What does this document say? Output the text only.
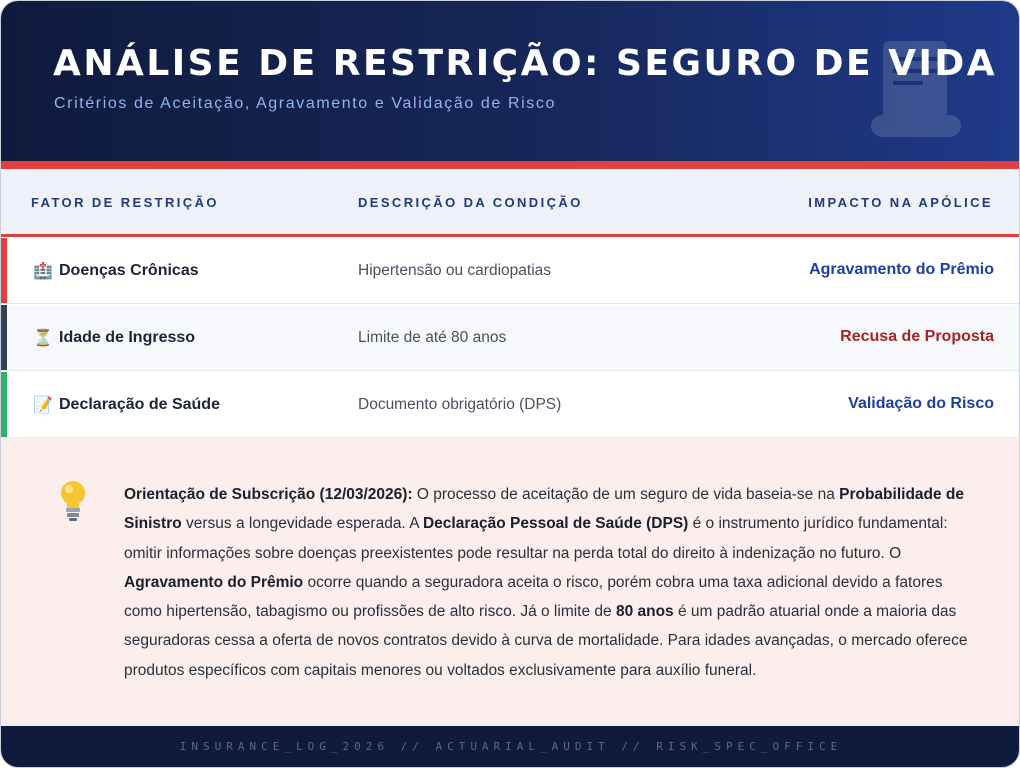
ANÁLISE DE RESTRIÇÃO: SEGURO DE VIDA
Critérios de Aceitação, Agravamento e Validação de Risco
FATOR DE RESTRIÇÃO	DESCRIÇÃO DA CONDIÇÃO	IMPACTO NA APÓLICE
🏥 Doenças Crônicas	Hipertensão ou cardiopatias	Agravamento do Prêmio
⏳ Idade de Ingresso	Limite de até 80 anos	Recusa de Proposta
📝 Declaração de Saúde	Documento obrigatório (DPS)	Validação do Risco

Orientação de Subscrição (12/03/2026): O processo de aceitação de um seguro de vida baseia-se na Probabilidade de Sinistro versus a longevidade esperada. A Declaração Pessoal de Saúde (DPS) é o instrumento jurídico fundamental: omitir informações sobre doenças preexistentes pode resultar na perda total do direito à indenização no futuro. O Agravamento do Prêmio ocorre quando a seguradora aceita o risco, porém cobra uma taxa adicional devido a fatores como hipertensão, tabagismo ou profissões de alto risco. Já o limite de 80 anos é um padrão atuarial onde a maioria das seguradoras cessa a oferta de novos contratos devido à curva de mortalidade. Para idades avançadas, o mercado oferece produtos específicos com capitais menores ou voltados exclusivamente para auxílio funeral.

INSURANCE_LOG_2026 // ACTUARIAL_AUDIT // RISK_SPEC_OFFICE
